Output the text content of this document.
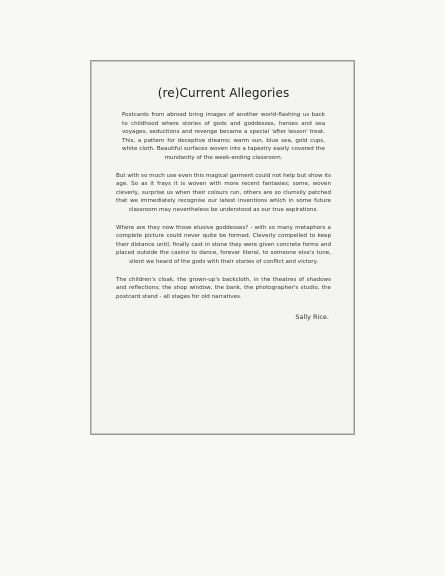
(re)Current Allegories

Postcards from abroad bring images of another world-flashing us back to childhood where stories of gods and goddesses, heroes and sea voyages, seductions and revenge became a special 'after lesson' treat. This, a pattern for deceptive dreams; warm sun, blue sea, gold cups, white cloth. Beautiful surfaces woven into a tapestry easily covered the mundanity of the week-ending classroom.

But with so much use even this magical garment could not help but show its age. So as it frays it is woven with more recent fantasies; some, woven cleverly, surprise us when their colours run, others are so clumsily patched that we immediately recognise our latest inventions which in some future classroom may nevertheless be understood as our true aspirations.

Where are they now those elusive goddesses? - with so many metaphors a complete picture could never quite be formed. Cleverly compelled to keep their distance until, finally cast in stone they were given concrete forms and placed outside the casino to dance, forever literal, to someone else's tune, silent we heard of the gods with their stories of conflict and victory.

The children's cloak, the grown-up's backcloth, in the theatres of shadows and reflections; the shop window, the bank, the photographer's studio, the postcard stand - all stages for old narratives.

Sally Rice.
